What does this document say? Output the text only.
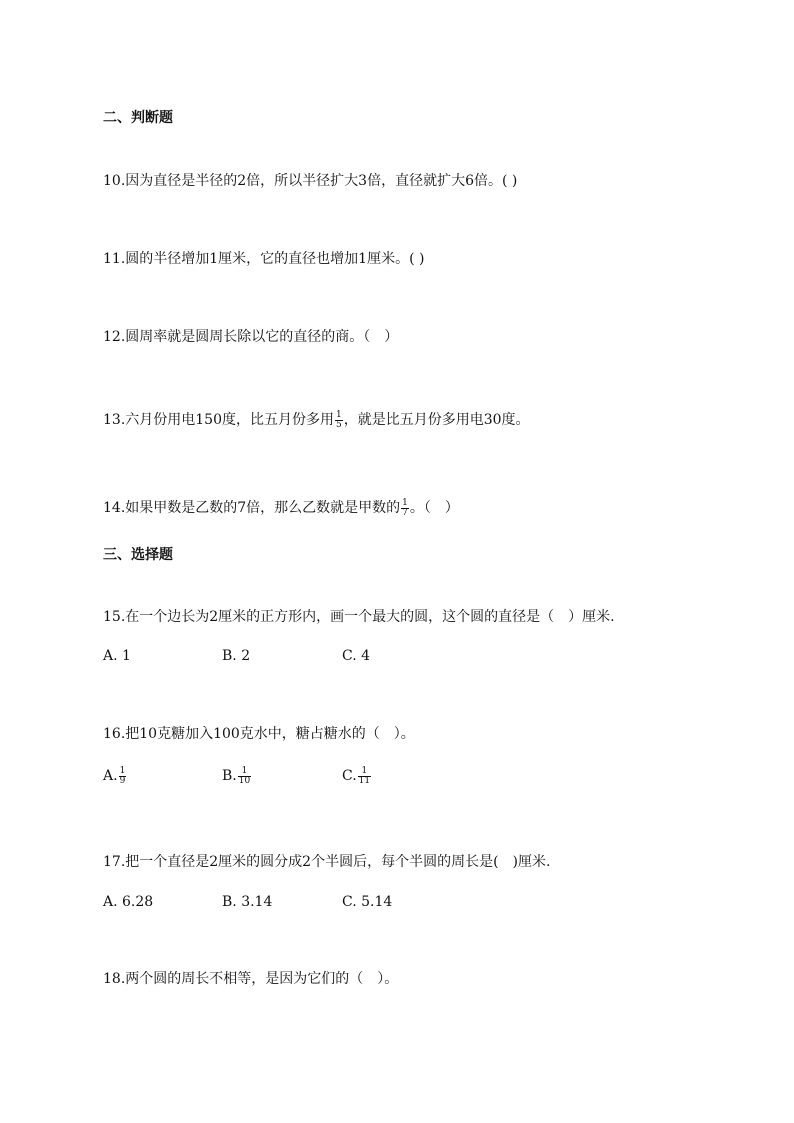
二、判断题
10.因为直径是半径的2倍，所以半径扩大3倍，直径就扩大6倍。( )
11.圆的半径增加1厘米，它的直径也增加1厘米。( )
12.圆周率就是圆周长除以它的直径的商。（　）
13.六月份用电150度，比五月份多用 $\frac{1}{5}$ ，就是比五月份多用电30度。
14.如果甲数是乙数的7倍，那么乙数就是甲数的 $\frac{1}{7}$ 。（　）
三、选择题
15.在一个边长为2厘米的正方形内，画一个最大的圆，这个圆的直径是（　）厘米.
A. 1	B. 2	C. 4
16.把10克糖加入100克水中，糖占糖水的（　）。
A. $\frac{1}{9}$	B. $\frac{1}{10}$	C. $\frac{1}{11}$
17.把一个直径是2厘米的圆分成2个半圆后，每个半圆的周长是(　)厘米.
A. 6.28	B. 3.14	C. 5.14
18.两个圆的周长不相等，是因为它们的（　）。
